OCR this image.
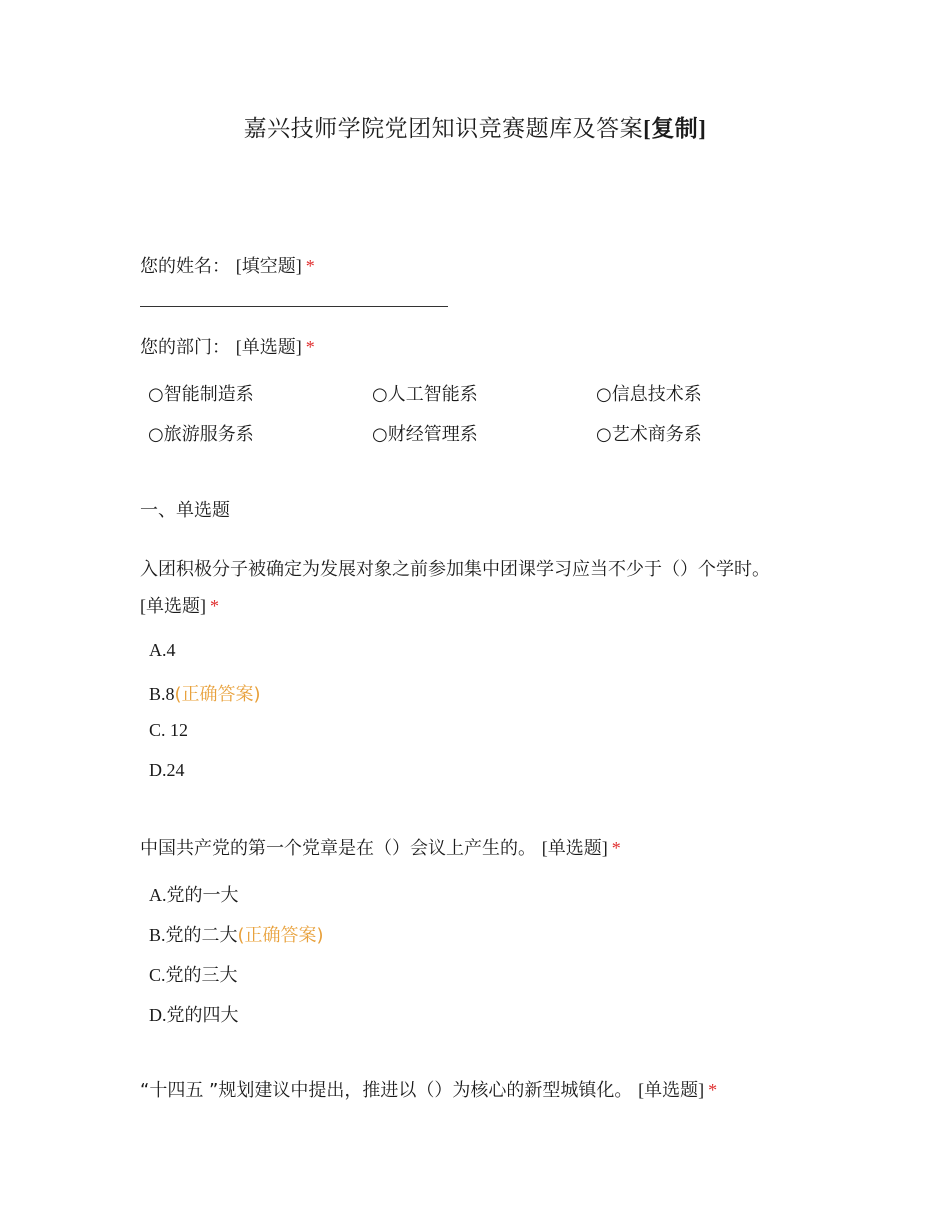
嘉兴技师学院党团知识竞赛题库及答案[复制]
您的姓名： [填空题] *
您的部门： [单选题] *
○智能制造系	○人工智能系	○信息技术系
○旅游服务系	○财经管理系	○艺术商务系
一、单选题
入团积极分子被确定为发展对象之前参加集中团课学习应当不少于（）个学时。
[单选题] *
A.4
B.8(正确答案)
C. 12
D.24
中国共产党的第一个党章是在（）会议上产生的。 [单选题] *
A.党的一大
B.党的二大(正确答案)
C.党的三大
D.党的四大
“十四五 ”规划建议中提出，推进以（）为核心的新型城镇化。 [单选题] *
